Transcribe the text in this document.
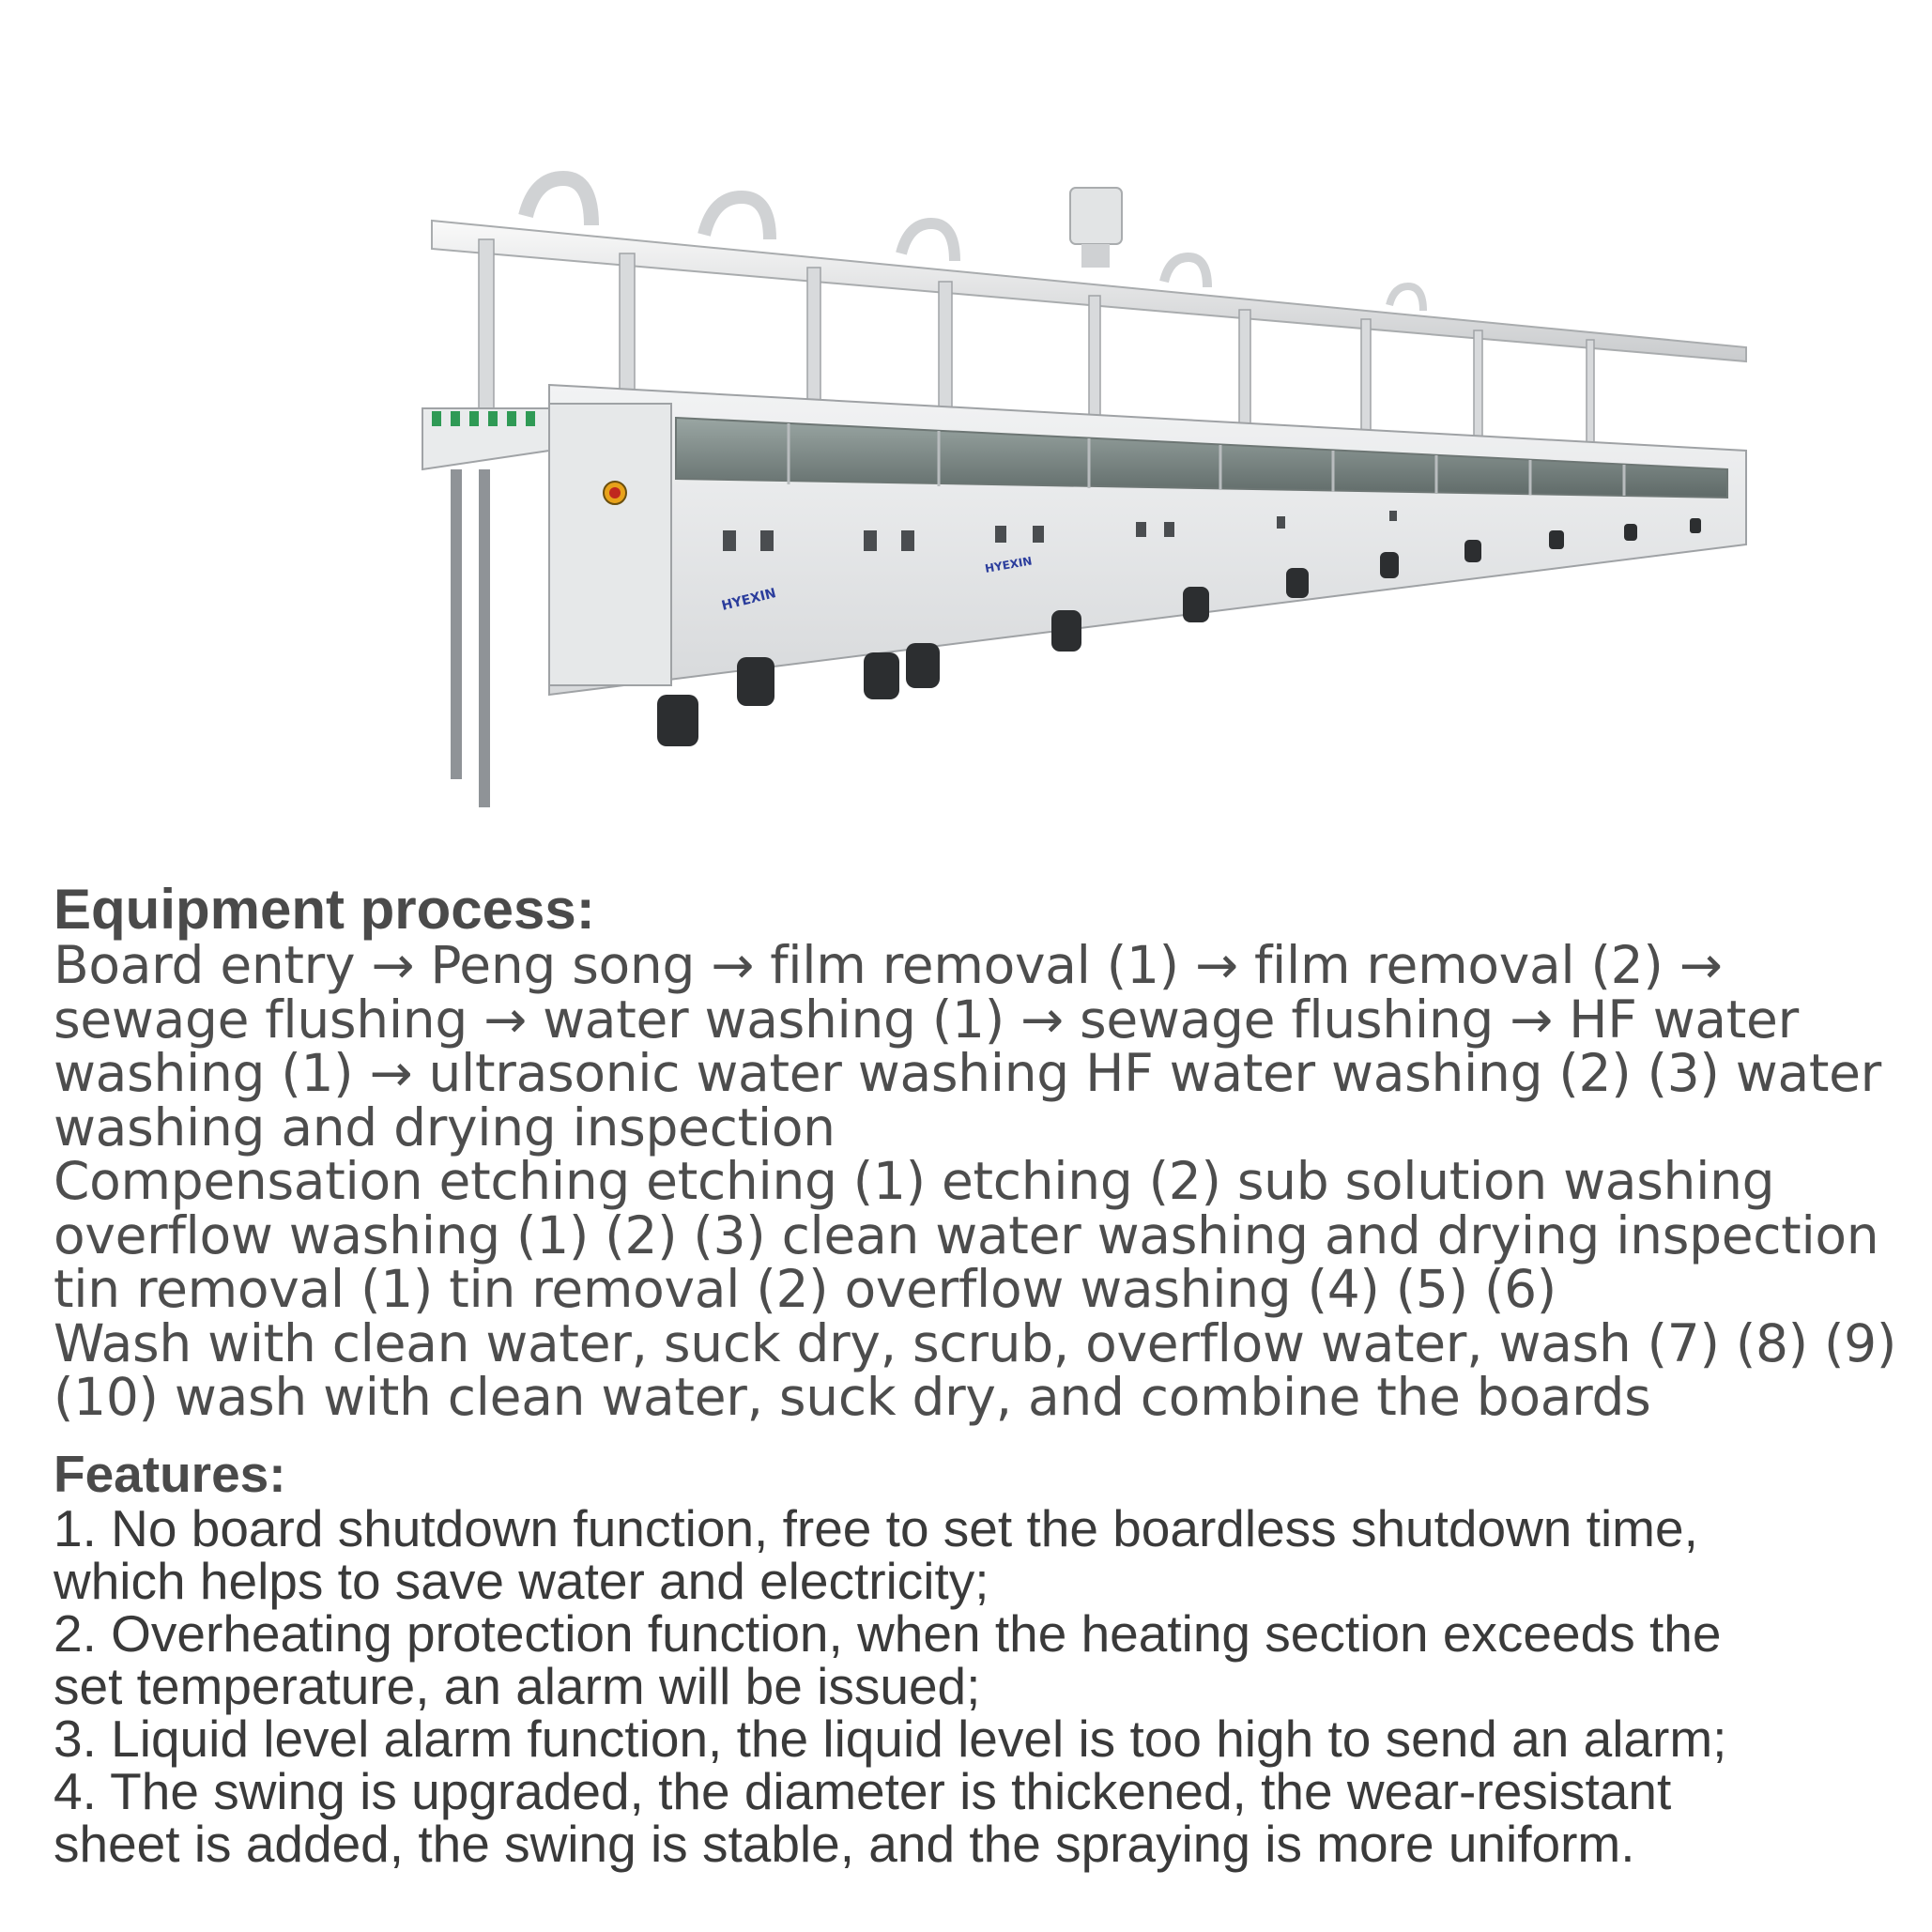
HYEXIN
HYEXIN
Equipment process:

Board entry → Peng song → film removal (1) → film removal (2) →
sewage flushing → water washing (1) → sewage flushing → HF water
washing (1) → ultrasonic water washing HF water washing (2) (3) water
washing and drying inspection
Compensation etching etching (1) etching (2) sub solution washing
overflow washing (1) (2) (3) clean water washing and drying inspection
tin removal (1) tin removal (2) overflow washing (4) (5) (6)
Wash with clean water, suck dry, scrub, overflow water, wash (7) (8) (9)
(10) wash with clean water, suck dry, and combine the boards

Features:

1. No board shutdown function, free to set the boardless shutdown time,
which helps to save water and electricity;

2. Overheating protection function, when the heating section exceeds the
set temperature, an alarm will be issued;

3. Liquid level alarm function, the liquid level is too high to send an alarm;

4. The swing is upgraded, the diameter is thickened, the wear-resistant
sheet is added, the swing is stable, and the spraying is more uniform.
